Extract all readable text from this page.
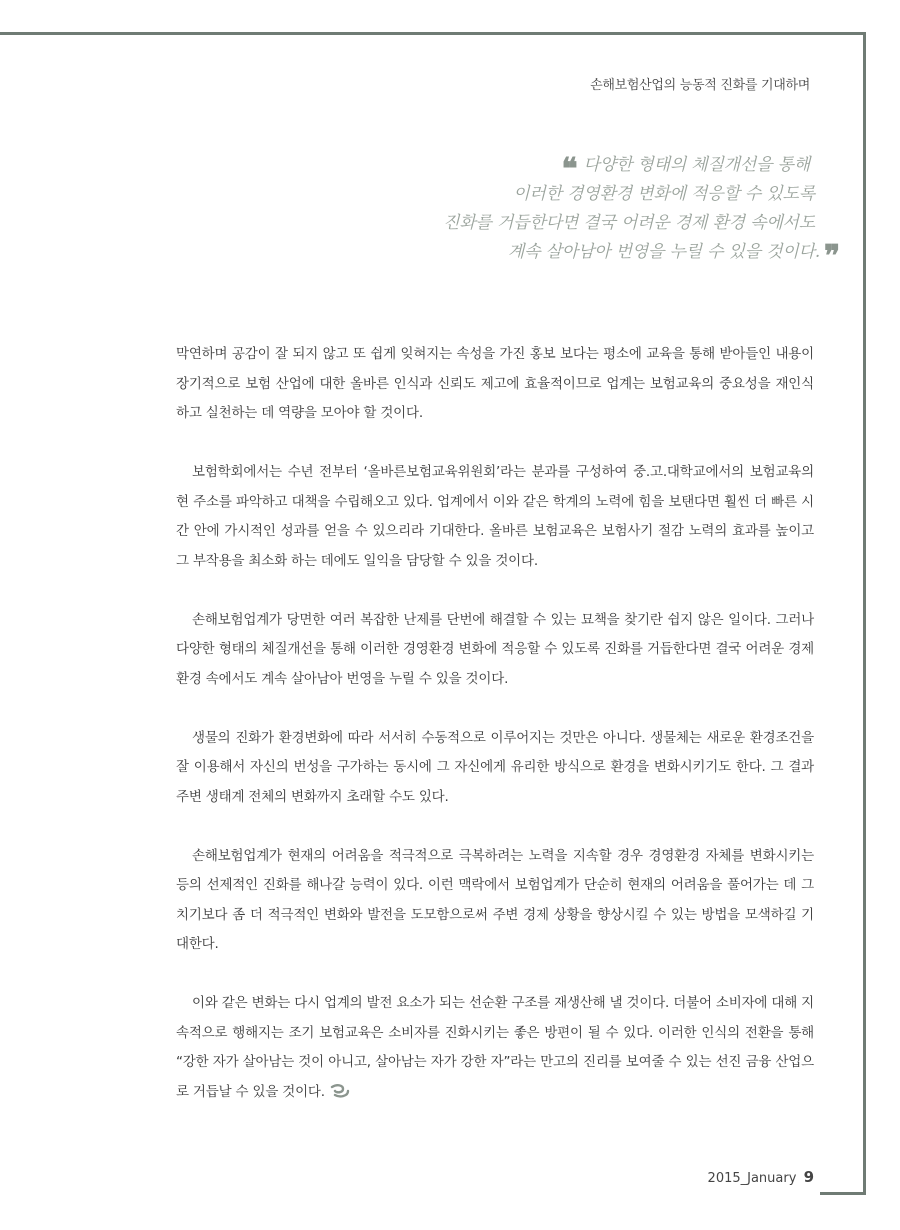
손해보험산업의 능동적 진화를 기대하며
❝ 다양한 형태의 체질개선을 통해
이러한 경영환경 변화에 적응할 수 있도록
진화를 거듭한다면 결국 어려운 경제 환경 속에서도
계속 살아남아 번영을 누릴 수 있을 것이다. ❞

막연하며 공감이 잘 되지 않고 또 쉽게 잊혀지는 속성을 가진 홍보 보다는 평소에 교육을 통해 받아들인 내용이 장기적으로 보험 산업에 대한 올바른 인식과 신뢰도 제고에 효율적이므로 업계는 보험교육의 중요성을 재인식하고 실천하는 데 역량을 모아야 할 것이다.

보험학회에서는 수년 전부터 ‘올바른보험교육위원회’라는 분과를 구성하여 중.고.대학교에서의 보험교육의 현 주소를 파악하고 대책을 수립해오고 있다. 업계에서 이와 같은 학계의 노력에 힘을 보탠다면 훨씬 더 빠른 시간 안에 가시적인 성과를 얻을 수 있으리라 기대한다. 올바른 보험교육은 보험사기 절감 노력의 효과를 높이고 그 부작용을 최소화 하는 데에도 일익을 담당할 수 있을 것이다.

손해보험업계가 당면한 여러 복잡한 난제를 단번에 해결할 수 있는 묘책을 찾기란 쉽지 않은 일이다. 그러나 다양한 형태의 체질개선을 통해 이러한 경영환경 변화에 적응할 수 있도록 진화를 거듭한다면 결국 어려운 경제 환경 속에서도 계속 살아남아 번영을 누릴 수 있을 것이다.

생물의 진화가 환경변화에 따라 서서히 수동적으로 이루어지는 것만은 아니다. 생물체는 새로운 환경조건을 잘 이용해서 자신의 번성을 구가하는 동시에 그 자신에게 유리한 방식으로 환경을 변화시키기도 한다. 그 결과 주변 생태계 전체의 변화까지 초래할 수도 있다.

손해보험업계가 현재의 어려움을 적극적으로 극복하려는 노력을 지속할 경우 경영환경 자체를 변화시키는 등의 선제적인 진화를 해나갈 능력이 있다. 이런 맥락에서 보험업계가 단순히 현재의 어려움을 풀어가는 데 그치기보다 좀 더 적극적인 변화와 발전을 도모함으로써 주변 경제 상황을 향상시킬 수 있는 방법을 모색하길 기대한다.

이와 같은 변화는 다시 업계의 발전 요소가 되는 선순환 구조를 재생산해 낼 것이다. 더불어 소비자에 대해 지속적으로 행해지는 조기 보험교육은 소비자를 진화시키는 좋은 방편이 될 수 있다. 이러한 인식의 전환을 통해 “강한 자가 살아남는 것이 아니고, 살아남는 자가 강한 자”라는 만고의 진리를 보여줄 수 있는 선진 금융 산업으로 거듭날 수 있을 것이다.

2015_January 9
